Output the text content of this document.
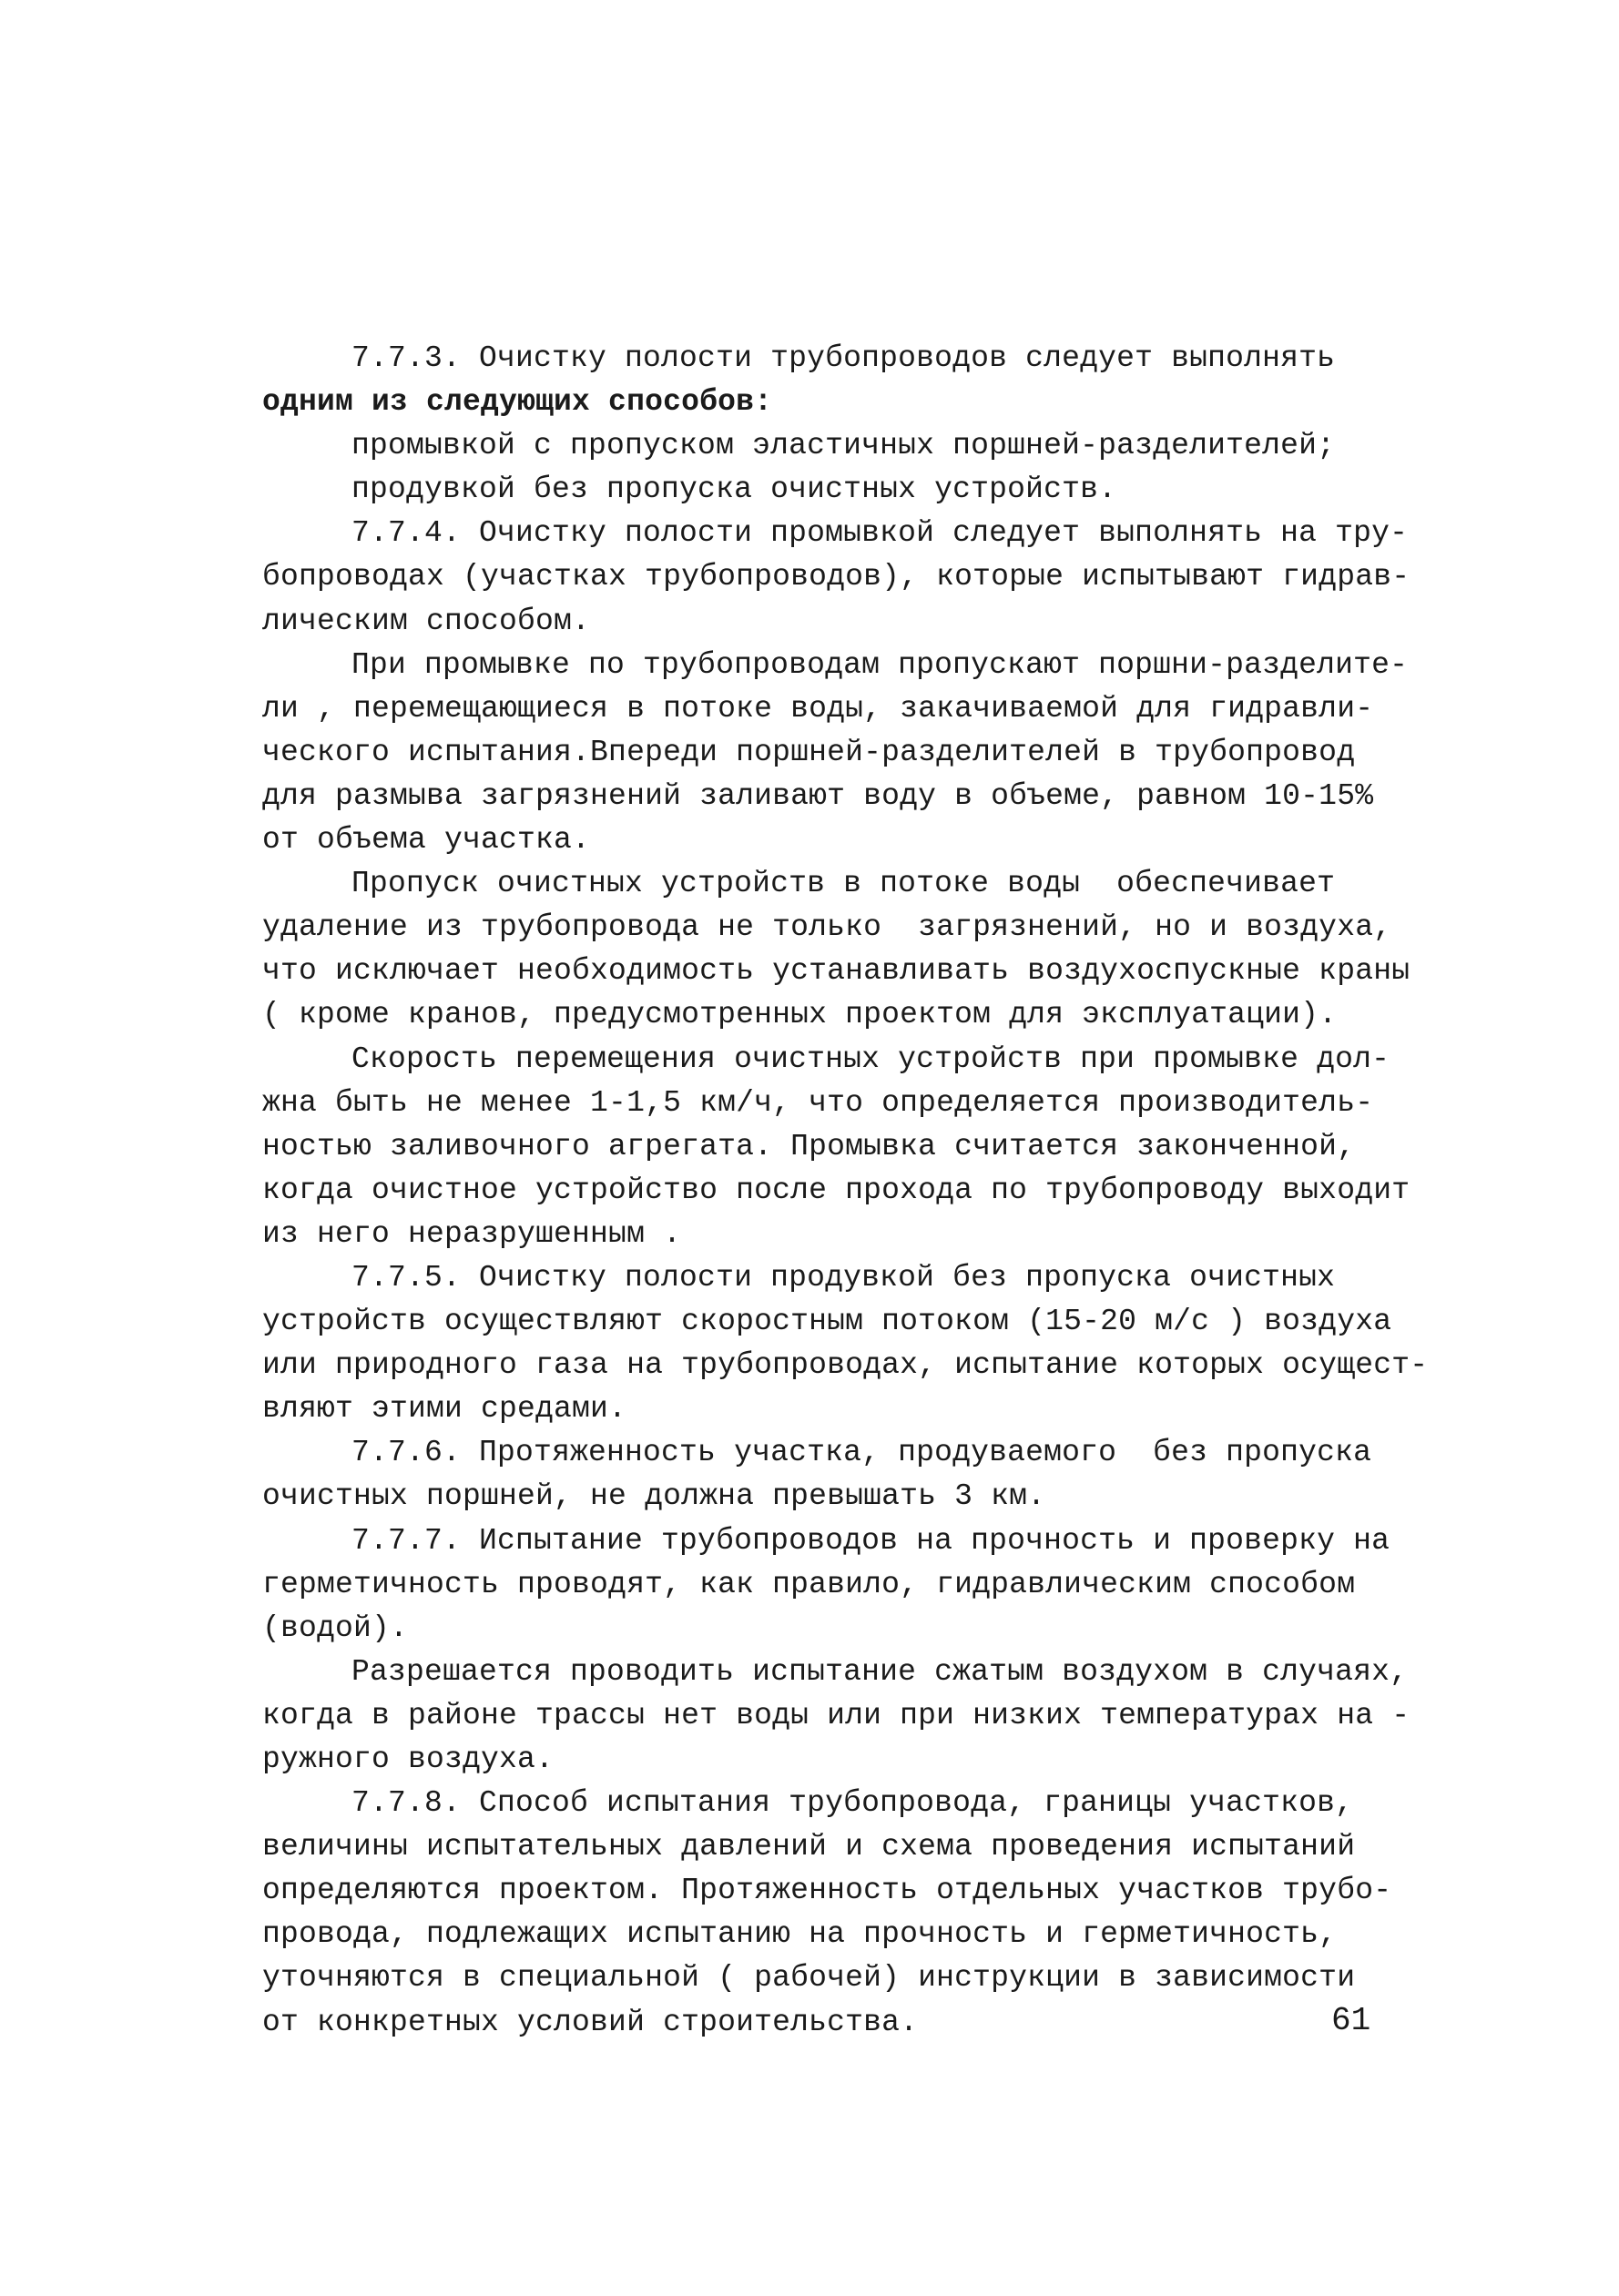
7.7.3. Очистку полости трубопроводов следует выполнять
одним из следующих способов:
промывкой с пропуском эластичных поршней-разделителей;
продувкой без пропуска очистных устройств.
7.7.4. Очистку полости промывкой следует выполнять на тру-
бопроводах (участках трубопроводов), которые испытывают гидрав-
лическим способом.
При промывке по трубопроводам пропускают поршни-разделите-
ли , перемещающиеся в потоке воды, закачиваемой для гидравли-
ческого испытания.Впереди поршней-разделителей в трубопровод
для размыва загрязнений заливают воду в объеме, равном 10-15%
от объема участка.
Пропуск очистных устройств в потоке воды  обеспечивает
удаление из трубопровода не только  загрязнений, но и воздуха,
что исключает необходимость устанавливать воздухоспускные краны
( кроме кранов, предусмотренных проектом для эксплуатации).
Скорость перемещения очистных устройств при промывке дол-
жна быть не менее 1-1,5 км/ч, что определяется производитель-
ностью заливочного агрегата. Промывка считается законченной,
когда очистное устройство после прохода по трубопроводу выходит
из него неразрушенным .
7.7.5. Очистку полости продувкой без пропуска очистных
устройств осуществляют скоростным потоком (15-20 м/с ) воздуха
или природного газа на трубопроводах, испытание которых осущест-
вляют этими средами.
7.7.6. Протяженность участка, продуваемого  без пропуска
очистных поршней, не должна превышать 3 км.
7.7.7. Испытание трубопроводов на прочность и проверку на
герметичность проводят, как правило, гидравлическим способом
(водой).
Разрешается проводить испытание сжатым воздухом в случаях,
когда в районе трассы нет воды или при низких температурах на -
ружного воздуха.
7.7.8. Способ испытания трубопровода, границы участков,
величины испытательных давлений и схема проведения испытаний
определяются проектом. Протяженность отдельных участков трубо-
провода, подлежащих испытанию на прочность и герметичность,
уточняются в специальной ( рабочей) инструкции в зависимости
от конкретных условий строительства.	61
